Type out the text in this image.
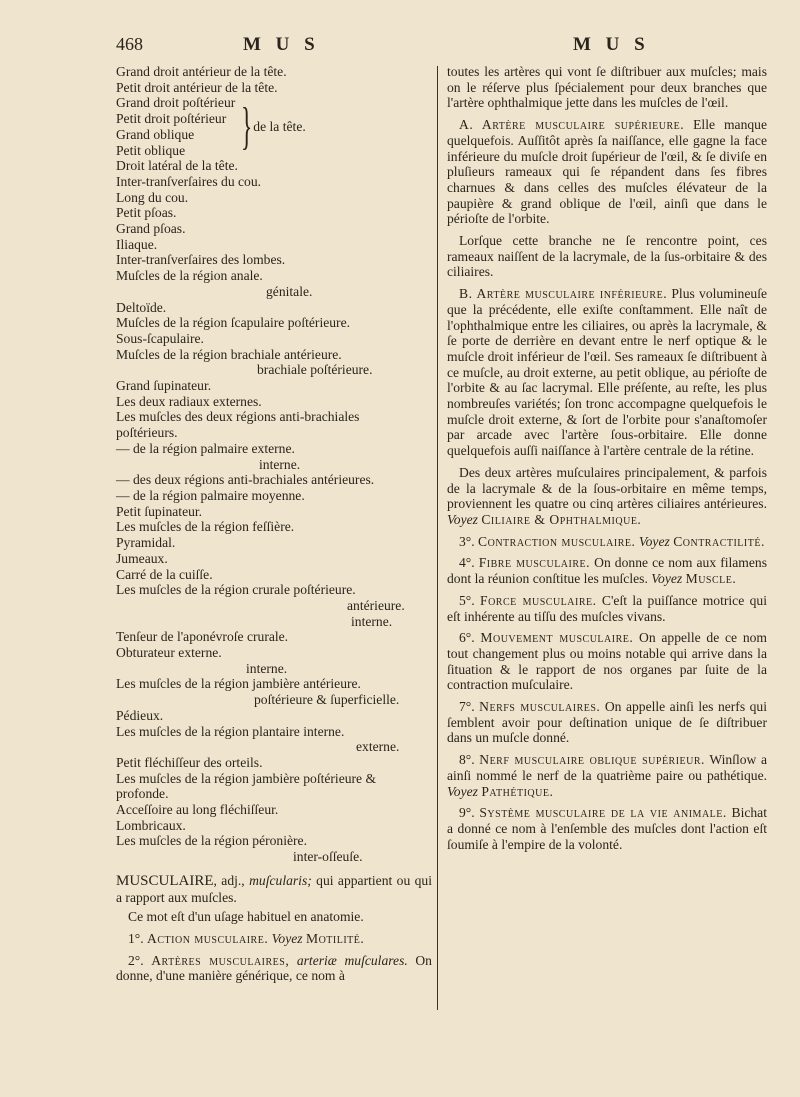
468	M U S	M U S
Grand droit antérieur de la tête.
Petit droit antérieur de la tête.
Grand droit poſtérieur
Petit droit poſtérieur
Grand oblique
Petit oblique	} de la tête.
Droit latéral de la tête.
Inter-tranſverſaires du cou.
Long du cou.
Petit pſoas.
Grand pſoas.
Iliaque.
Inter-tranſverſaires des lombes.
Muſcles de la région anale.
génitale.
Deltoïde.
Muſcles de la région ſcapulaire poſtérieure.
Sous-ſcapulaire.
Muſcles de la région brachiale antérieure.
brachiale poſtérieure.
Grand ſupinateur.
Les deux radiaux externes.
Les muſcles des deux régions anti-brachiales
poſtérieurs.
— de la région palmaire externe.
interne.
— des deux régions anti-brachiales antérieures.
— de la région palmaire moyenne.
Petit ſupinateur.
Les muſcles de la région feſſière.
Pyramidal.
Jumeaux.
Carré de la cuiſſe.
Les muſcles de la région crurale poſtérieure.
antérieure.
interne.
Tenſeur de l'aponévroſe crurale.
Obturateur externe.
interne.
Les muſcles de la région jambière antérieure.
poſtérieure & ſuperficielle.
Pédieux.
Les muſcles de la région plantaire interne.
externe.
Petit fléchiſſeur des orteils.
Les muſcles de la région jambière poſtérieure &
profonde.
Acceſſoire au long fléchiſſeur.
Lombricaux.
Les muſcles de la région péronière.
inter-oſſeuſe.

MUSCULAIRE, adj., muſcularis; qui appartient ou qui a rapport aux muſcles.

Ce mot eſt d'un uſage habituel en anatomie.

1°. Action musculaire. Voyez Motilité.

2°. Artères musculaires, arteriæ muſculares. On donne, d'une manière générique, ce nom à

toutes les artères qui vont ſe diſtribuer aux muſcles; mais on le réſerve plus ſpécialement pour deux branches que l'artère ophthalmique jette dans les muſcles de l'œil.

A. Artère musculaire supérieure. Elle manque quelquefois. Auſſitôt après ſa naiſſance, elle gagne la face inférieure du muſcle droit ſupérieur de l'œil, & ſe diviſe en pluſieurs rameaux qui ſe répandent dans ſes fibres charnues & dans celles des muſcles élévateur de la paupière & grand oblique de l'œil, ainſi que dans le périoſte de l'orbite.

Lorſque cette branche ne ſe rencontre point, ces rameaux naiſſent de la lacrymale, de la ſus-orbitaire & des ciliaires.

B. Artère musculaire inférieure. Plus volumineuſe que la précédente, elle exiſte conſtamment. Elle naît de l'ophthalmique entre les ciliaires, ou après la lacrymale, & ſe porte de derrière en devant entre le nerf optique & le muſcle droit inférieur de l'œil. Ses rameaux ſe diſtribuent à ce muſcle, au droit externe, au petit oblique, au périoſte de l'orbite & au ſac lacrymal. Elle préſente, au reſte, les plus nombreuſes variétés; ſon tronc accompagne quelquefois le muſcle droit externe, & ſort de l'orbite pour s'anaſtomoſer par arcade avec l'artère ſous-orbitaire. Elle donne quelquefois auſſi naiſſance à l'artère centrale de la rétine.

Des deux artères muſculaires principalement, & parfois de la lacrymale & de la ſous-orbitaire en même temps, proviennent les quatre ou cinq artères ciliaires antérieures. Voyez Ciliaire & Ophthalmique.

3°. Contraction musculaire. Voyez Contractilité.

4°. Fibre musculaire. On donne ce nom aux filamens dont la réunion conſtitue les muſcles. Voyez Muscle.

5°. Force musculaire. C'eſt la puiſſance motrice qui eſt inhérente au tiſſu des muſcles vivans.

6°. Mouvement musculaire. On appelle de ce nom tout changement plus ou moins notable qui arrive dans la ſituation & le rapport de nos organes par ſuite de la contraction muſculaire.

7°. Nerfs musculaires. On appelle ainſi les nerfs qui ſemblent avoir pour deſtination unique de ſe diſtribuer dans un muſcle donné.

8°. Nerf musculaire oblique supérieur. Winſlow a ainſi nommé le nerf de la quatrième paire ou pathétique. Voyez Pathétique.

9°. Système musculaire de la vie animale. Bichat a donné ce nom à l'enſemble des muſcles dont l'action eſt ſoumiſe à l'empire de la volonté.
